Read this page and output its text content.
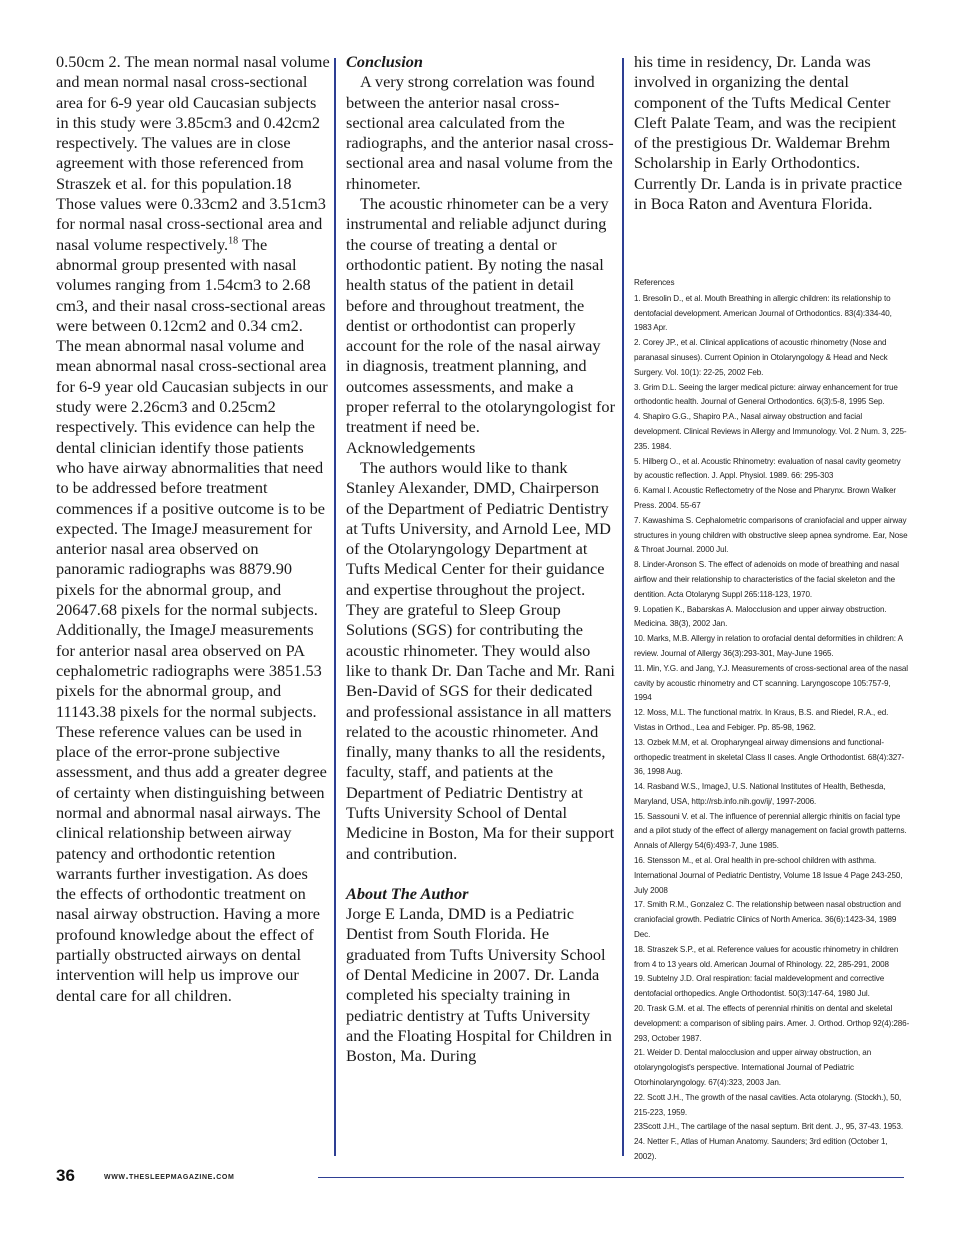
0.50cm 2. The mean normal nasal volume and mean normal nasal cross-sectional area for 6-9 year old Caucasian subjects in this study were 3.85cm3 and 0.42cm2 respectively. The values are in close agreement with those referenced from Straszek et al. for this population.18 Those values were 0.33cm2 and 3.51cm3 for normal nasal cross-sectional area and nasal volume respectively.$^{18}$ The abnormal group presented with nasal volumes ranging from 1.54cm3 to 2.68 cm3, and their nasal cross-sectional areas were between 0.12cm2 and 0.34 cm2. The mean abnormal nasal volume and mean abnormal nasal cross-sectional area for 6-9 year old Caucasian subjects in our study were 2.26cm3 and 0.25cm2 respectively. This evidence can help the dental clinician identify those patients who have airway abnormalities that need to be addressed before treatment commences if a positive outcome is to be expected. The ImageJ measurement for anterior nasal area observed on panoramic radiographs was 8879.90 pixels for the abnormal group, and 20647.68 pixels for the normal subjects. Additionally, the ImageJ measurements for anterior nasal area observed on PA cephalometric radiographs were 3851.53 pixels for the abnormal group, and 11143.38 pixels for the normal subjects. These reference values can be used in place of the error-prone subjective assessment, and thus add a greater degree of certainty when distinguishing between normal and abnormal nasal airways. The clinical relationship between airway patency and orthodontic retention warrants further investigation. As does the effects of orthodontic treatment on nasal airway obstruction. Having a more profound knowledge about the effect of partially obstructed airways on dental intervention will help us improve our dental care for all children.

Conclusion

A very strong correlation was found between the anterior nasal cross-sectional area calculated from the radiographs, and the anterior nasal cross-sectional area and nasal volume from the rhinometer.

The acoustic rhinometer can be a very instrumental and reliable adjunct during the course of treating a dental or orthodontic patient. By noting the nasal health status of the patient in detail before and throughout treatment, the dentist or orthodontist can properly account for the role of the nasal airway in diagnosis, treatment planning, and outcomes assessments, and make a proper referral to the otolaryngologist for treatment if need be.

Acknowledgements

The authors would like to thank Stanley Alexander, DMD, Chairperson of the Department of Pediatric Dentistry at Tufts University, and Arnold Lee, MD of the Otolaryngology Department at Tufts Medical Center for their guidance and expertise throughout the project. They are grateful to Sleep Group Solutions (SGS) for contributing the acoustic rhinometer. They would also like to thank Dr. Dan Tache and Mr. Rani Ben-David of SGS for their dedicated and professional assistance in all matters related to the acoustic rhinometer. And finally, many thanks to all the residents, faculty, staff, and patients at the Department of Pediatric Dentistry at Tufts University School of Dental Medicine in Boston, Ma for their support and contribution.

About The Author

Jorge E Landa, DMD is a Pediatric Dentist from South Florida. He graduated from Tufts University School of Dental Medicine in 2007. Dr. Landa completed his specialty training in pediatric dentistry at Tufts University and the Floating Hospital for Children in Boston, Ma. During

his time in residency, Dr. Landa was involved in organizing the dental component of the Tufts Medical Center Cleft Palate Team, and was the recipient of the prestigious Dr. Waldemar Brehm Scholarship in Early Orthodontics. Currently Dr. Landa is in private practice in Boca Raton and Aventura Florida.

References

1. Bresolin D., et al. Mouth Breathing in allergic children: its relationship to dentofacial development. American Journal of Orthodontics. 83(4):334-40, 1983 Apr.

2. Corey JP., et al. Clinical applications of acoustic rhinometry (Nose and paranasal sinuses). Current Opinion in Otolaryngology & Head and Neck Surgery. Vol. 10(1): 22-25, 2002 Feb.

3. Grim D.L. Seeing the larger medical picture: airway enhancement for true orthodontic health. Journal of General Orthodontics. 6(3):5-8, 1995 Sep.

4. Shapiro G.G., Shapiro P.A., Nasal airway obstruction and facial development. Clinical Reviews in Allergy and Immunology. Vol. 2 Num. 3, 225-235. 1984.

5. Hilberg O., et al. Acoustic Rhinometry: evaluation of nasal cavity geometry by acoustic reflection. J. Appl. Physiol. 1989. 66: 295-303

6. Kamal I. Acoustic Reflectometry of the Nose and Pharynx. Brown Walker Press. 2004. 55-67

7. Kawashima S. Cephalometric comparisons of craniofacial and upper airway structures in young children with obstructive sleep apnea syndrome. Ear, Nose & Throat Journal. 2000 Jul.

8. Linder-Aronson S. The effect of adenoids on mode of breathing and nasal airflow and their relationship to characteristics of the facial skeleton and the dentition. Acta Otolaryng Suppl 265:118-123, 1970.

9. Lopatien K., Babarskas A. Malocclusion and upper airway obstruction. Medicina. 38(3), 2002 Jan.

10. Marks, M.B. Allergy in relation to orofacial dental deformities in children: A review. Journal of Allergy 36(3):293-301, May-June 1965.

11. Min, Y.G. and Jang, Y.J. Measurements of cross-sectional area of the nasal cavity by acoustic rhinometry and CT scanning. Laryngoscope 105:757-9, 1994

12. Moss, M.L. The functional matrix. In Kraus, B.S. and Riedel, R.A., ed. Vistas in Orthod., Lea and Febiger. Pp. 85-98, 1962.

13. Ozbek M.M, et al. Oropharyngeal airway dimensions and functional-orthopedic treatment in skeletal Class II cases. Angle Orthodontist. 68(4):327-36, 1998 Aug.

14. Rasband W.S., ImageJ, U.S. National Institutes of Health, Bethesda, Maryland, USA, http://rsb.info.nih.gov/ij/, 1997-2006.

15. Sassouni V. et al. The influence of perennial allergic rhinitis on facial type and a pilot study of the effect of allergy management on facial growth patterns. Annals of Allergy 54(6):493-7, June 1985.

16. Stensson M., et al. Oral health in pre-school children with asthma. International Journal of Pediatric Dentistry, Volume 18 Issue 4 Page 243-250, July 2008

17. Smith R.M., Gonzalez C. The relationship between nasal obstruction and craniofacial growth. Pediatric Clinics of North America. 36(6):1423-34, 1989 Dec.

18. Straszek S.P., et al. Reference values for acoustic rhinometry in children from 4 to 13 years old. American Journal of Rhinology. 22, 285-291, 2008

19. Subtelny J.D. Oral respiration: facial maldevelopment and corrective dentofacial orthopedics. Angle Orthodontist. 50(3):147-64, 1980 Jul.

20. Trask G.M. et al. The effects of perennial rhinitis on dental and skeletal development: a comparison of sibling pairs. Amer. J. Orthod. Orthop 92(4):286-293, October 1987.

21. Weider D. Dental malocclusion and upper airway obstruction, an otolaryngologist's perspective. International Journal of Pediatric Otorhinolaryngology. 67(4):323, 2003 Jan.

22. Scott J.H., The growth of the nasal cavities. Acta otolaryng. (Stockh.), 50, 215-223, 1959.

23Scott J.H., The cartilage of the nasal septum. Brit dent. J., 95, 37-43. 1953.

24. Netter F., Atlas of Human Anatomy. Saunders; 3rd edition (October 1, 2002).

36	www.thesleepmagazine.com
